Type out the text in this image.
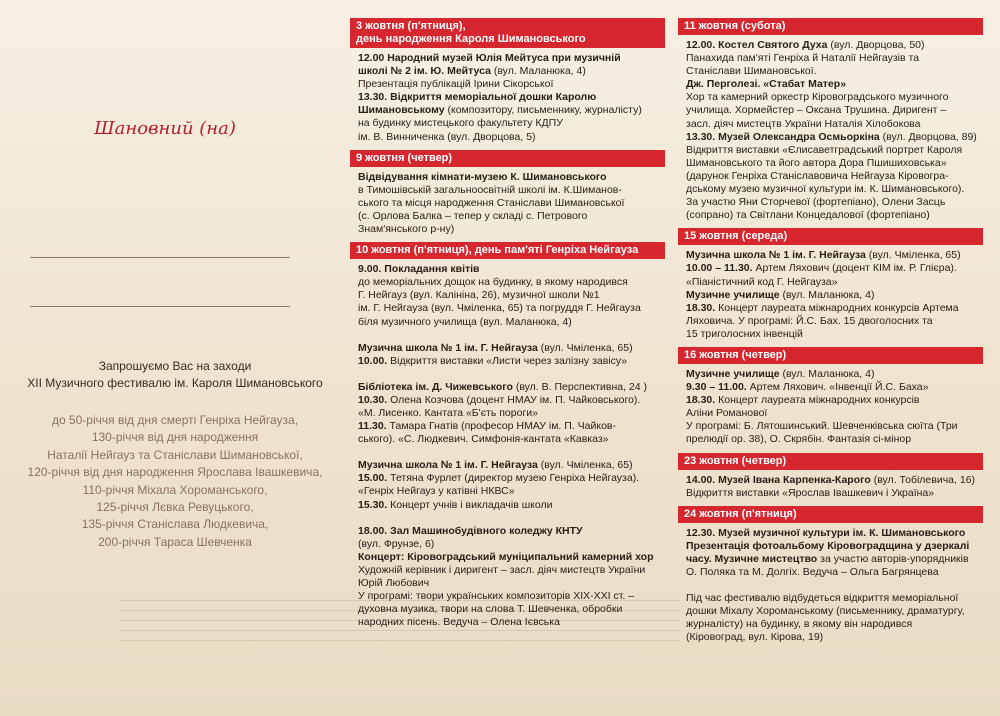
Шановний (на)
Запрошуємо Вас на заходи
XII Музичного фестивалю ім. Кароля Шимановського
до 50-річчя від дня смерті Генріха Нейгауза,
130-річчя від дня народження
Наталії Нейгауз та Станіслави Шимановської,
120-річчя від дня народження Ярослава Івашкевича,
110-річчя Міхала Хороманського,
125-річчя Лєвка Ревуцького,
135-річчя Станіслава Людкевича,
200-річчя Тараса Шевченка
3 жовтня (п'ятниця),
день народження Кароля Шимановського

12.00 Народний музей Юлія Мейтуса при музичній

школі № 2 ім. Ю. Мейтуса (вул. Маланюка, 4)

Презентація публікацій Ірини Сікорської

13.30. Відкриття меморіальної дошки Каролю

Шимановському (композитору, письменнику, журналісту)

на будинку мистецького факультету КДПУ

ім. В. Винниченка (вул. Дворцова, 5)

9 жовтня (четвер)

Відвідування кімнати-музею К. Шимановського

в Тимошівській загальноосвітній школі ім. К.Шиманов-

ського та місця народження Станіслави Шимановської

(с. Орлова Балка – тепер у складі с. Петрового

Знам'янського р-ну)

10 жовтня (п'ятниця), день пам'яті Генріха Нейгауза

9.00. Покладання квітів

до меморіальних дощок на будинку, в якому народився

Г. Нейгауз (вул. Калініна, 26), музичної школи №1

ім. Г. Нейгауза (вул. Чміленка, 65) та погруддя Г. Нейгауза

біля музичного училища (вул. Маланюка, 4)

Музична школа № 1 ім. Г. Нейгауза (вул. Чміленка, 65)

10.00. Відкриття виставки «Листи через залізну завісу»

Бібліотека ім. Д. Чижевського (вул. В. Перспективна, 24 )

10.30. Олена Козчова (доцент НМАУ ім. П. Чайковського).

«М. Лисенко. Кантата «Б'єть пороги»

11.30. Тамара Гнатів (професор НМАУ ім. П. Чайков-

ського). «С. Людкевич. Симфонія-кантата «Кавказ»

Музична школа № 1 ім. Г. Нейгауза (вул. Чміленка, 65)

15.00. Тетяна Фурлет (директор музею Генріха Нейгауза).

«Генріх Нейгауз у катівні НКВС»

15.30. Концерт учнів і викладачів школи

18.00. Зал Машинобудівного коледжу КНТУ

(вул. Фрунзе, 6)

Концерт: Кіровоградський муніципальний камерний хор

Художній керівник і диригент – засл. діяч мистецтв України

Юрій Любович

У програмі: твори українських композиторів XIX-XXI ст. –

духовна музика, твори на слова Т. Шевченка, обробки

народних пісень. Ведуча – Олена Ієвська

11 жовтня (субота)

12.00. Костел Святого Духа (вул. Дворцова, 50)

Панахида пам'яті Генріха й Наталії Нейгаузів та

Станіслави Шимановської.

Дж. Перголезі. «Стабат Матер»

Хор та камерний оркестр Кіровоградського музичного

училища. Хормейстер – Оксана Трушина. Диригент –

засл. діяч мистецтв України Наталія Хілобокова

13.30. Музей Олександра Осмьоркіна (вул. Дворцова, 89)

Відкриття виставки «Єлисаветградський портрет Кароля

Шимановського та його автора Дора Пшишиховська»

(дарунок Генріха Станіславовича Нейгауза Кіровогра-

дському музею музичної культури ім. К. Шимановського).

За участю Яни Сторчевої (фортепіано), Олени Засць

(сопрано) та Світлани Концедалової (фортепіано)

15 жовтня (середа)

Музична школа № 1 ім. Г. Нейгауза (вул. Чміленка, 65)

10.00 – 11.30. Артем Ляхович (доцент КІМ ім. Р. Глієра).

«Піаністичний код Г. Нейгауза»

Музичне училище (вул. Маланюка, 4)

18.30. Концерт лауреата міжнародних конкурсів Артема

Ляховича. У програмі: Й.С. Бах. 15 двоголосних та

15 триголосних інвенцій

16 жовтня (четвер)

Музичне училище (вул. Маланюка, 4)

9.30 – 11.00. Артем Ляхович. «Інвенції Й.С. Баха»

18.30. Концерт лауреата міжнародних конкурсів

Аліни Романової

У програмі: Б. Лятошинський. Шевченківська сюїта (Три

прелюдії ор. 38), О. Скрябін. Фантазія сі-мінор

23 жовтня (четвер)

14.00. Музей Івана Карпенка-Карого (вул. Тобілевича, 16)

Відкриття виставки «Ярослав Івашкевич і Україна»

24 жовтня (п'ятниця)

12.30. Музей музичної культури ім. К. Шимановського

Презентація фотоальбому Кіровоградщина у дзеркалі

часу. Музичне мистецтво за участю авторів-упорядників

О. Поляка та М. Долгіх. Ведуча – Ольга Багрянцева

Під час фестивалю відбудеться відкриття меморіальної

дошки Міхалу Хороманському (письменнику, драматургу,

журналісту) на будинку, в якому він народився

(Кіровоград, вул. Кірова, 19)
